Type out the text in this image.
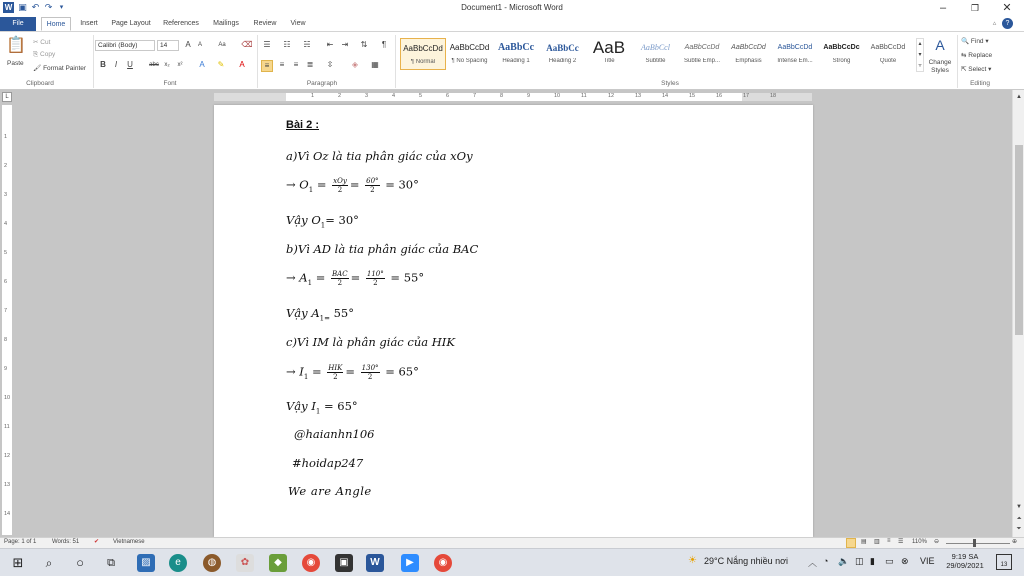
W ▣ ↶ ↷	▾	Document1 - Microsoft Word	–	❐	✕
File	Home	Insert	Page Layout	References	Mailings	Review	View	▵	?
📋
Paste
✂ Cut
⎘ Copy
🖌 Format Painter
Clipboard
Calibri (Body)	14	A	A	Aa	⌫
B	I	U	abc x₂ x² A ✎ A
Font
☰ ☷ ☵ ⇤ ⇥ ⇅	¶
≡	≡	≡	≣ ⇳ ◈ ▦
Paragraph
AaBbCcDd
¶ Normal
AaBbCcDd
¶ No Spacing
AaBbCc
Heading 1
AaBbCc
Heading 2
AaB
Title
AaBbCcl
Subtitle
AaBbCcDd
Subtle Emp...
AaBbCcDd
Emphasis
AaBbCcDd
Intense Em...
AaBbCcDc
Strong
AaBbCcDd
Quote
▴
▾
▿
A
Change Styles
Styles
🔍 Find ▾
⇆ Replace
⇱ Select ▾
Editing
L	1	2	3	4	5	6	7	8	9	10	11	12	13	14	15	16	17	18
1
2
3
4
5
6
7
8
9
10
11
12
13
14
Bài 2 :
a)Vì Oz là tia phân giác của xOy
→ $O_1 = \frac{\text{xOy}}{2} = \frac{60^\circ}{2} = 30^\circ$
Vậy $O_1= 30^\circ$
b)Vì AD là tia phân giác của BAC
→ $A_1 = \frac{\text{BAC}}{2} = \frac{110^\circ}{2} = 55^\circ$
Vậy $A_{1=}$ 55°
c)Vì IM là phân giác của HIK
→ $I_1 = \frac{\text{HIK}}{2} = \frac{130^\circ}{2} = 65^\circ$
Vậy $I_1 = 65^\circ$
@haianhn106
#hoidap247
We are Angle
▲
▼
⏶
⏷
Page: 1 of 1	Words: 51 ✔ Vietnamese	▤ ▥ ≡ ☰ 110% ⊖	⊕
⊞	⌕	○	⧉	▨	e	◍	✿	◆	◉	▣	W	▶	◉	☀ 29°C Nắng nhiều nơi ︿ ◔ 🔈 ◫ ▮ ▭ ⊗ VIE	9:19 SA
29/09/2021	13
